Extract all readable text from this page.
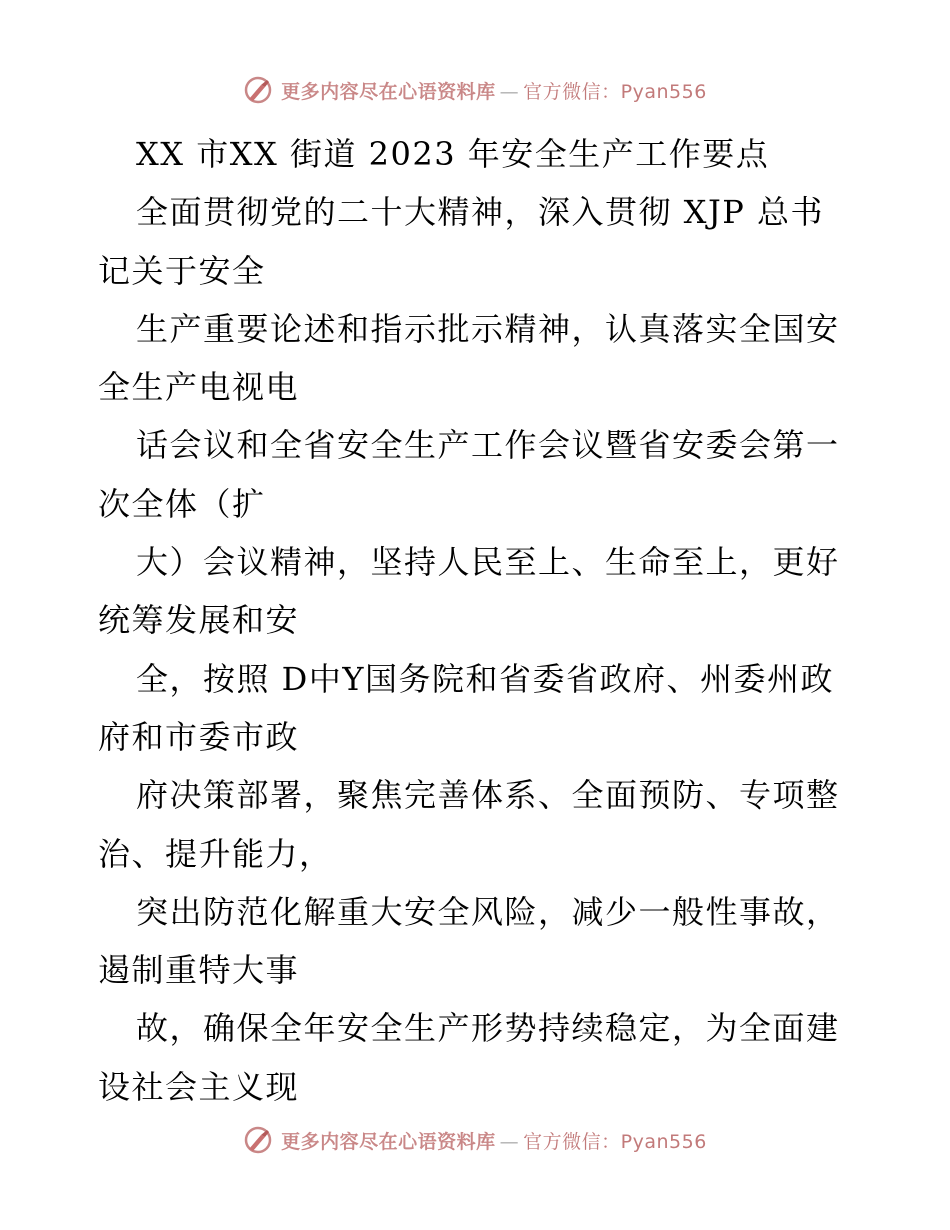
更多内容尽在心语资料库 — 官方微信：Pyan556
XX 市XX 街道 2023 年安全生产工作要点
全面贯彻党的二十大精神，深入贯彻 XJP 总书
记关于安全
生产重要论述和指示批示精神，认真落实全国安
全生产电视电
话会议和全省安全生产工作会议暨省安委会第一
次全体（扩
大）会议精神，坚持人民至上、生命至上，更好
统筹发展和安
全，按照 D中Y国务院和省委省政府、州委州政
府和市委市政
府决策部署，聚焦完善体系、全面预防、专项整
治、提升能力，
突出防范化解重大安全风险，减少一般性事故，
遏制重特大事
故，确保全年安全生产形势持续稳定，为全面建
设社会主义现
更多内容尽在心语资料库 — 官方微信：Pyan556
